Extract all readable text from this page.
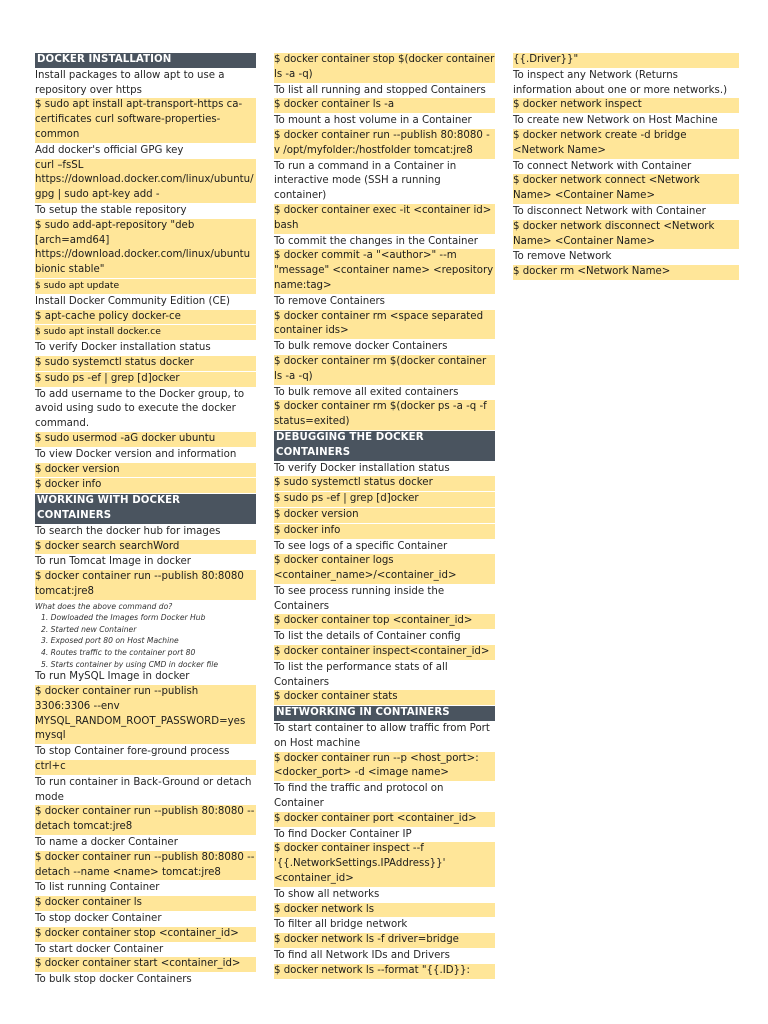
DOCKER INSTALLATION
Install packages to allow apt to use a repository over https
$ sudo apt install apt-transport-https ca-certificates curl software-properties-common
Add docker's official GPG key
curl –fsSL https://download.docker.com/linux/ubuntu/gpg | sudo apt-key add -
To setup the stable repository
$ sudo add-apt-repository "deb [arch=amd64] https://download.docker.com/linux/ubuntu bionic stable"
$ sudo apt update
Install Docker Community Edition (CE)
$ apt-cache policy docker-ce
$ sudo apt install docker.ce
To verify Docker installation status
$ sudo systemctl status docker
$ sudo ps -ef | grep [d]ocker
To add username to the Docker group, to avoid using sudo to execute the docker command.
$ sudo usermod -aG docker ubuntu
To view Docker version and information
$ docker version
$ docker info
WORKING WITH DOCKER CONTAINERS
To search the docker hub for images
$ docker search searchWord
To run Tomcat Image in docker
$ docker container run --publish 80:8080 tomcat:jre8
What does the above command do?
1. Dowloaded the Images form Docker Hub
2. Started new Container
3. Exposed port 80 on Host Machine
4. Routes traffic to the container port 80
5. Starts container by using CMD in docker file
To run MySQL Image in docker
$ docker container run --publish 3306:3306 --env MYSQL_RANDOM_ROOT_PASSWORD=yes mysql
To stop Container fore-ground process
ctrl+c
To run container in Back-Ground or detach mode
$ docker container run --publish 80:8080 --detach tomcat:jre8
To name a docker Container
$ docker container run --publish 80:8080 --detach --name <name> tomcat:jre8
To list running Container
$ docker container ls
To stop docker Container
$ docker container stop <container_id>
To start docker Container
$ docker container start <container_id>
To bulk stop docker Containers
$ docker container stop $(docker container ls -a -q)
To list all running and stopped Containers
$ docker container ls -a
To mount a host volume in a Container
$ docker container run --publish 80:8080 -v /opt/myfolder:/hostfolder tomcat:jre8
To run a command in a Container in interactive mode (SSH a running container)
$ docker container exec -it <container id> bash
To commit the changes in the Container
$ docker commit -a "<author>" --m "message" <container name> <repository name:tag>
To remove Containers
$ docker container rm <space separated container ids>
To bulk remove docker Containers
$ docker container rm $(docker container ls -a -q)
To bulk remove all exited containers
$ docker container rm $(docker ps -a -q -f status=exited)
DEBUGGING THE DOCKER CONTAINERS
To verify Docker installation status
$ sudo systemctl status docker
$ sudo ps -ef | grep [d]ocker
$ docker version
$ docker info
To see logs of a specific Container
$ docker container logs <container_name>/<container_id>
To see process running inside the Containers
$ docker container top <container_id>
To list the details of Container config
$ docker container inspect<container_id>
To list the performance stats of all Containers
$ docker container stats
NETWORKING IN CONTAINERS
To start container to allow traffic from Port on Host machine
$ docker container run --p <host_port>:<docker_port> -d <image name>
To find the traffic and protocol on Container
$ docker container port <container_id>
To find Docker Container IP
$ docker container inspect --f '{{.NetworkSettings.IPAddress}}' <container_id>
To show all networks
$ docker network ls
To filter all bridge network
$ docker network ls -f driver=bridge
To find all Network IDs and Drivers
$ docker network ls --format "{{.ID}}:
{{.Driver}}"
To inspect any Network (Returns information about one or more networks.)
$ docker network inspect
To create new Network on Host Machine
$ docker network create -d bridge <Network Name>
To connect Network with Container
$ docker network connect <Network Name> <Container Name>
To disconnect Network with Container
$ docker network disconnect <Network Name> <Container Name>
To remove Network
$ docker rm <Network Name>
